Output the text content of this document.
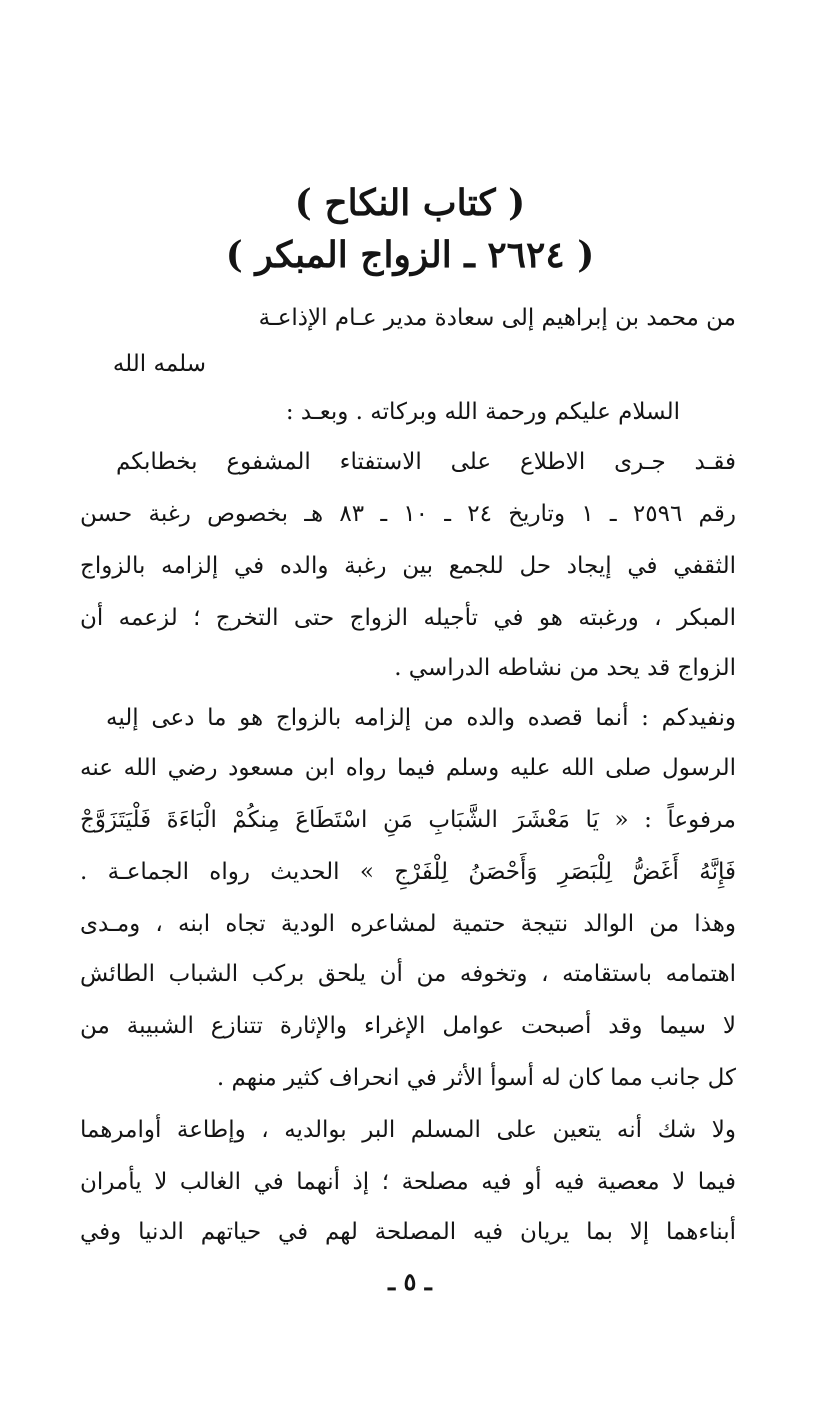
( كتاب النكاح )
( ٢٦٢٤ ـ الزواج المبكر )
من محمد بن إبراهيم إلى سعادة مدير عـام الإذاعـة
سلمه الله
السلام عليكم ورحمة الله وبركاته . وبعـد :
فقـد جـرى الاطلاع على الاستفتاء المشفوع بخطابكم
رقم ٢٥٩٦ ـ ١ وتاريخ ٢٤ ـ ١٠ ـ ٨٣ هـ بخصوص رغبة حسن
الثقفي في إيجاد حل للجمع بين رغبة والده في إلزامه بالزواج
المبكر ، ورغبته هو في تأجيله الزواج حتى التخرج ؛ لزعمه أن
الزواج قد يحد من نشاطه الدراسي .
ونفيدكم : أنما قصده والده من إلزامه بالزواج هو ما دعى إليه
الرسول صلى الله عليه وسلم فيما رواه ابن مسعود رضي الله عنه
مرفوعاً : « يَا مَعْشَرَ الشَّبَابِ مَنِ اسْتَطَاعَ مِنكُمْ الْبَاءَةَ فَلْيَتَزَوَّجْ
فَإِنَّهُ أَغَضُّ لِلْبَصَرِ وَأَحْصَنُ لِلْفَرْجِ » الحديث رواه الجماعـة .
وهذا من الوالد نتيجة حتمية لمشاعره الودية تجاه ابنه ، ومـدى
اهتمامه باستقامته ، وتخوفه من أن يلحق بركب الشباب الطائش
لا سيما وقد أصبحت عوامل الإغراء والإثارة تتنازع الشبيبة من
كل جانب مما كان له أسوأ الأثر في انحراف كثير منهم .
ولا شك أنه يتعين على المسلم البر بوالديه ، وإطاعة أوامرهما
فيما لا معصية فيه أو فيه مصلحة ؛ إذ أنهما في الغالب لا يأمران
أبناءهما إلا بما يريان فيه المصلحة لهم في حياتهم الدنيا وفي
ـ ٥ ـ
